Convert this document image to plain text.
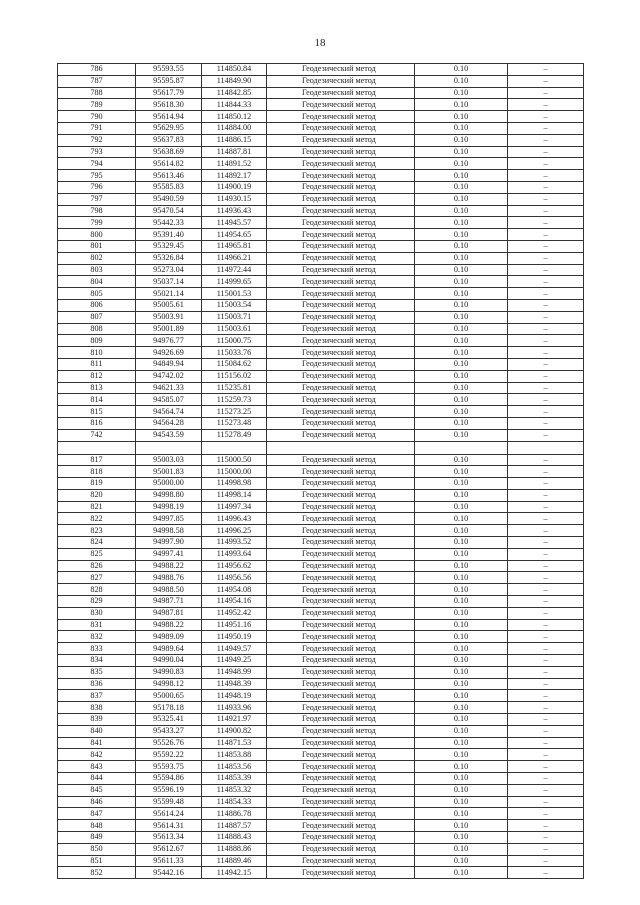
18
786	95593.55	114850.84	Геодезический метод	0.10	–
787	95595.87	114849.90	Геодезический метод	0.10	–
788	95617.79	114842.85	Геодезический метод	0.10	–
789	95618.30	114844.33	Геодезический метод	0.10	–
790	95614.94	114850.12	Геодезический метод	0.10	–
791	95629.95	114884.00	Геодезический метод	0.10	–
792	95637.83	114886.15	Геодезический метод	0.10	–
793	95638.69	114887.81	Геодезический метод	0.10	–
794	95614.82	114891.52	Геодезический метод	0.10	–
795	95613.46	114892.17	Геодезический метод	0.10	–
796	95585.83	114900.19	Геодезический метод	0.10	–
797	95490.59	114930.15	Геодезический метод	0.10	–
798	95470.54	114936.43	Геодезический метод	0.10	–
799	95442.33	114945.57	Геодезический метод	0.10	–
800	95391.40	114954.65	Геодезический метод	0.10	–
801	95329.45	114965.81	Геодезический метод	0.10	–
802	95326.84	114966.21	Геодезический метод	0.10	–
803	95273.04	114972.44	Геодезический метод	0.10	–
804	95037.14	114999.65	Геодезический метод	0.10	–
805	95021.14	115001.53	Геодезический метод	0.10	–
806	95005.61	115003.54	Геодезический метод	0.10	–
807	95003.91	115003.71	Геодезический метод	0.10	–
808	95001.89	115003.61	Геодезический метод	0.10	–
809	94976.77	115000.75	Геодезический метод	0.10	–
810	94926.69	115033.76	Геодезический метод	0.10	–
811	94849.94	115084.62	Геодезический метод	0.10	–
812	94742.02	115156.02	Геодезический метод	0.10	–
813	94621.33	115235.81	Геодезический метод	0.10	–
814	94585.07	115259.73	Геодезический метод	0.10	–
815	94564.74	115273.25	Геодезический метод	0.10	–
816	94564.28	115273.48	Геодезический метод	0.10	–
742	94543.59	115278.49	Геодезический метод	0.10	–

817	95003.03	115000.50	Геодезический метод	0.10	–
818	95001.83	115000.00	Геодезический метод	0.10	–
819	95000.00	114998.98	Геодезический метод	0.10	–
820	94998.80	114998.14	Геодезический метод	0.10	–
821	94998.19	114997.34	Геодезический метод	0.10	–
822	94997.85	114996.43	Геодезический метод	0.10	–
823	94998.58	114996.25	Геодезический метод	0.10	–
824	94997.90	114993.52	Геодезический метод	0.10	–
825	94997.41	114993.64	Геодезический метод	0.10	–
826	94988.22	114956.62	Геодезический метод	0.10	–
827	94988.76	114956.56	Геодезический метод	0.10	–
828	94988.50	114954.08	Геодезический метод	0.10	–
829	94987.71	114954.16	Геодезический метод	0.10	–
830	94987.81	114952.42	Геодезический метод	0.10	–
831	94988.22	114951.16	Геодезический метод	0.10	–
832	94989.09	114950.19	Геодезический метод	0.10	–
833	94989.64	114949.57	Геодезический метод	0.10	–
834	94990.04	114949.25	Геодезический метод	0.10	–
835	94990.83	114948.99	Геодезический метод	0.10	–
836	94998.12	114948.39	Геодезический метод	0.10	–
837	95000.65	114948.19	Геодезический метод	0.10	–
838	95178.18	114933.96	Геодезический метод	0.10	–
839	95325.41	114921.97	Геодезический метод	0.10	–
840	95433.27	114900.82	Геодезический метод	0.10	–
841	95526.76	114871.53	Геодезический метод	0.10	–
842	95592.22	114853.88	Геодезический метод	0.10	–
843	95593.75	114853.56	Геодезический метод	0.10	–
844	95594.86	114853.39	Геодезический метод	0.10	–
845	95596.19	114853.32	Геодезический метод	0.10	–
846	95599.48	114854.33	Геодезический метод	0.10	–
847	95614.24	114886.78	Геодезический метод	0.10	–
848	95614.31	114887.57	Геодезический метод	0.10	–
849	95613.34	114888.43	Геодезический метод	0.10	–
850	95612.67	114888.86	Геодезический метод	0.10	–
851	95611.33	114889.46	Геодезический метод	0.10	–
852	95442.16	114942.15	Геодезический метод	0.10	–
